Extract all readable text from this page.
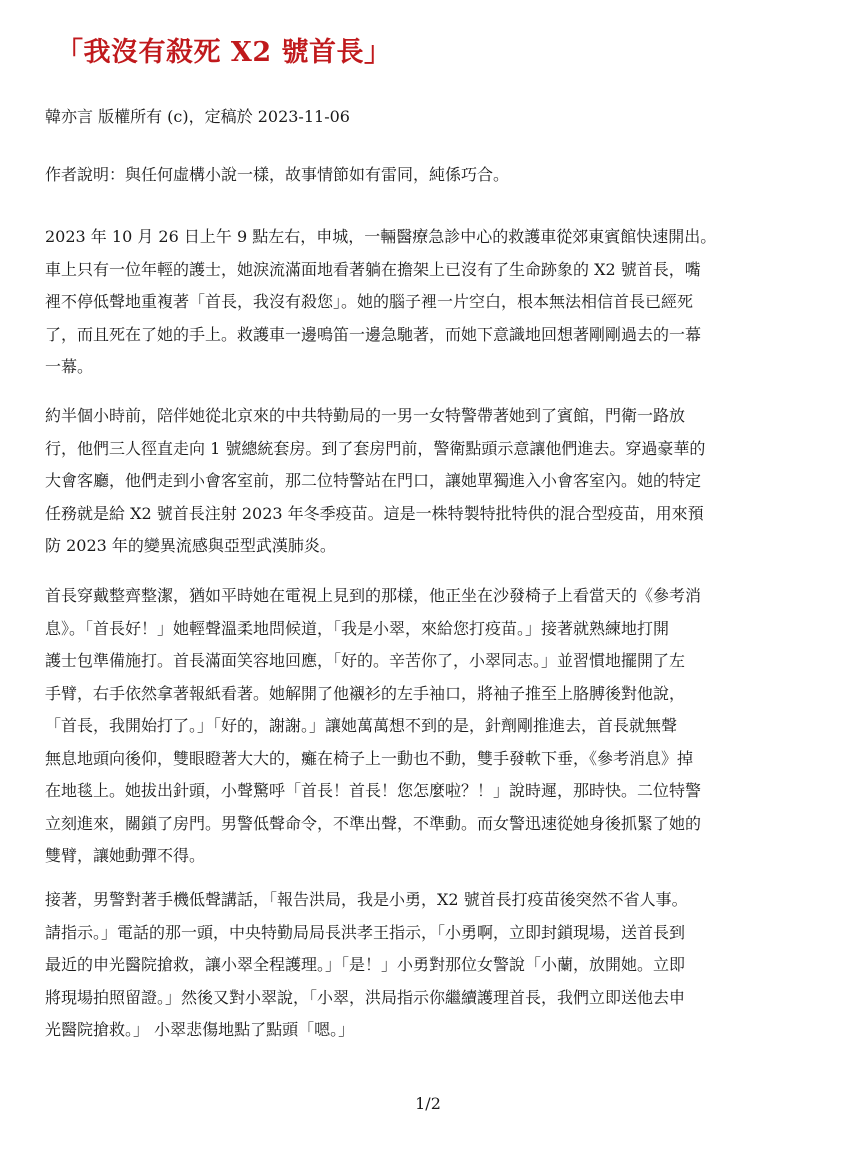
「我沒有殺死 X2 號首長」

韓亦言 版權所有 (c)，定稿於 2023-11-06

作者說明：與任何虛構小說一樣，故事情節如有雷同，純係巧合。

2023 年 10 月 26 日上午 9 點左右，申城，一輛醫療急診中心的救護車從郊東賓館快速開出。
車上只有一位年輕的護士，她淚流滿面地看著躺在擔架上已沒有了生命跡象的 X2 號首長，嘴
裡不停低聲地重複著「首長，我沒有殺您」。她的腦子裡一片空白，根本無法相信首長已經死
了，而且死在了她的手上。救護車一邊鳴笛一邊急馳著，而她下意識地回想著剛剛過去的一幕
一幕。
約半個小時前，陪伴她從北京來的中共特勤局的一男一女特警帶著她到了賓館，門衛一路放
行，他們三人徑直走向 1 號總統套房。到了套房門前，警衛點頭示意讓他們進去。穿過豪華的
大會客廳，他們走到小會客室前，那二位特警站在門口，讓她單獨進入小會客室內。她的特定
任務就是給 X2 號首長注射 2023 年冬季疫苗。這是一株特製特批特供的混合型疫苗，用來預
防 2023 年的變異流感與亞型武漢肺炎。
首長穿戴整齊整潔，猶如平時她在電視上見到的那樣，他正坐在沙發椅子上看當天的《參考消
息》。「首長好！」她輕聲溫柔地問候道，「我是小翠，來給您打疫苗。」接著就熟練地打開
護士包準備施打。首長滿面笑容地回應，「好的。辛苦你了，小翠同志。」並習慣地擺開了左
手臂，右手依然拿著報紙看著。她解開了他襯衫的左手袖口，將袖子推至上胳膊後對他說，
「首長，我開始打了。」「好的，謝謝。」讓她萬萬想不到的是，針劑剛推進去，首長就無聲
無息地頭向後仰，雙眼瞪著大大的，癱在椅子上一動也不動，雙手發軟下垂，《參考消息》掉
在地毯上。她拔出針頭，小聲驚呼「首長！首長！您怎麼啦？！」說時遲，那時快。二位特警
立刻進來，關鎖了房門。男警低聲命令，不準出聲，不準動。而女警迅速從她身後抓緊了她的
雙臂，讓她動彈不得。
接著，男警對著手機低聲講話，「報告洪局，我是小勇，X2 號首長打疫苗後突然不省人事。
請指示。」電話的那一頭，中央特勤局局長洪孝王指示，「小勇啊，立即封鎖現場，送首長到
最近的申光醫院搶救，讓小翠全程護理。」「是！」小勇對那位女警說「小蘭，放開她。立即
將現場拍照留證。」然後又對小翠說，「小翠，洪局指示你繼續護理首長，我們立即送他去申
光醫院搶救。」 小翠悲傷地點了點頭「嗯。」

1/2
